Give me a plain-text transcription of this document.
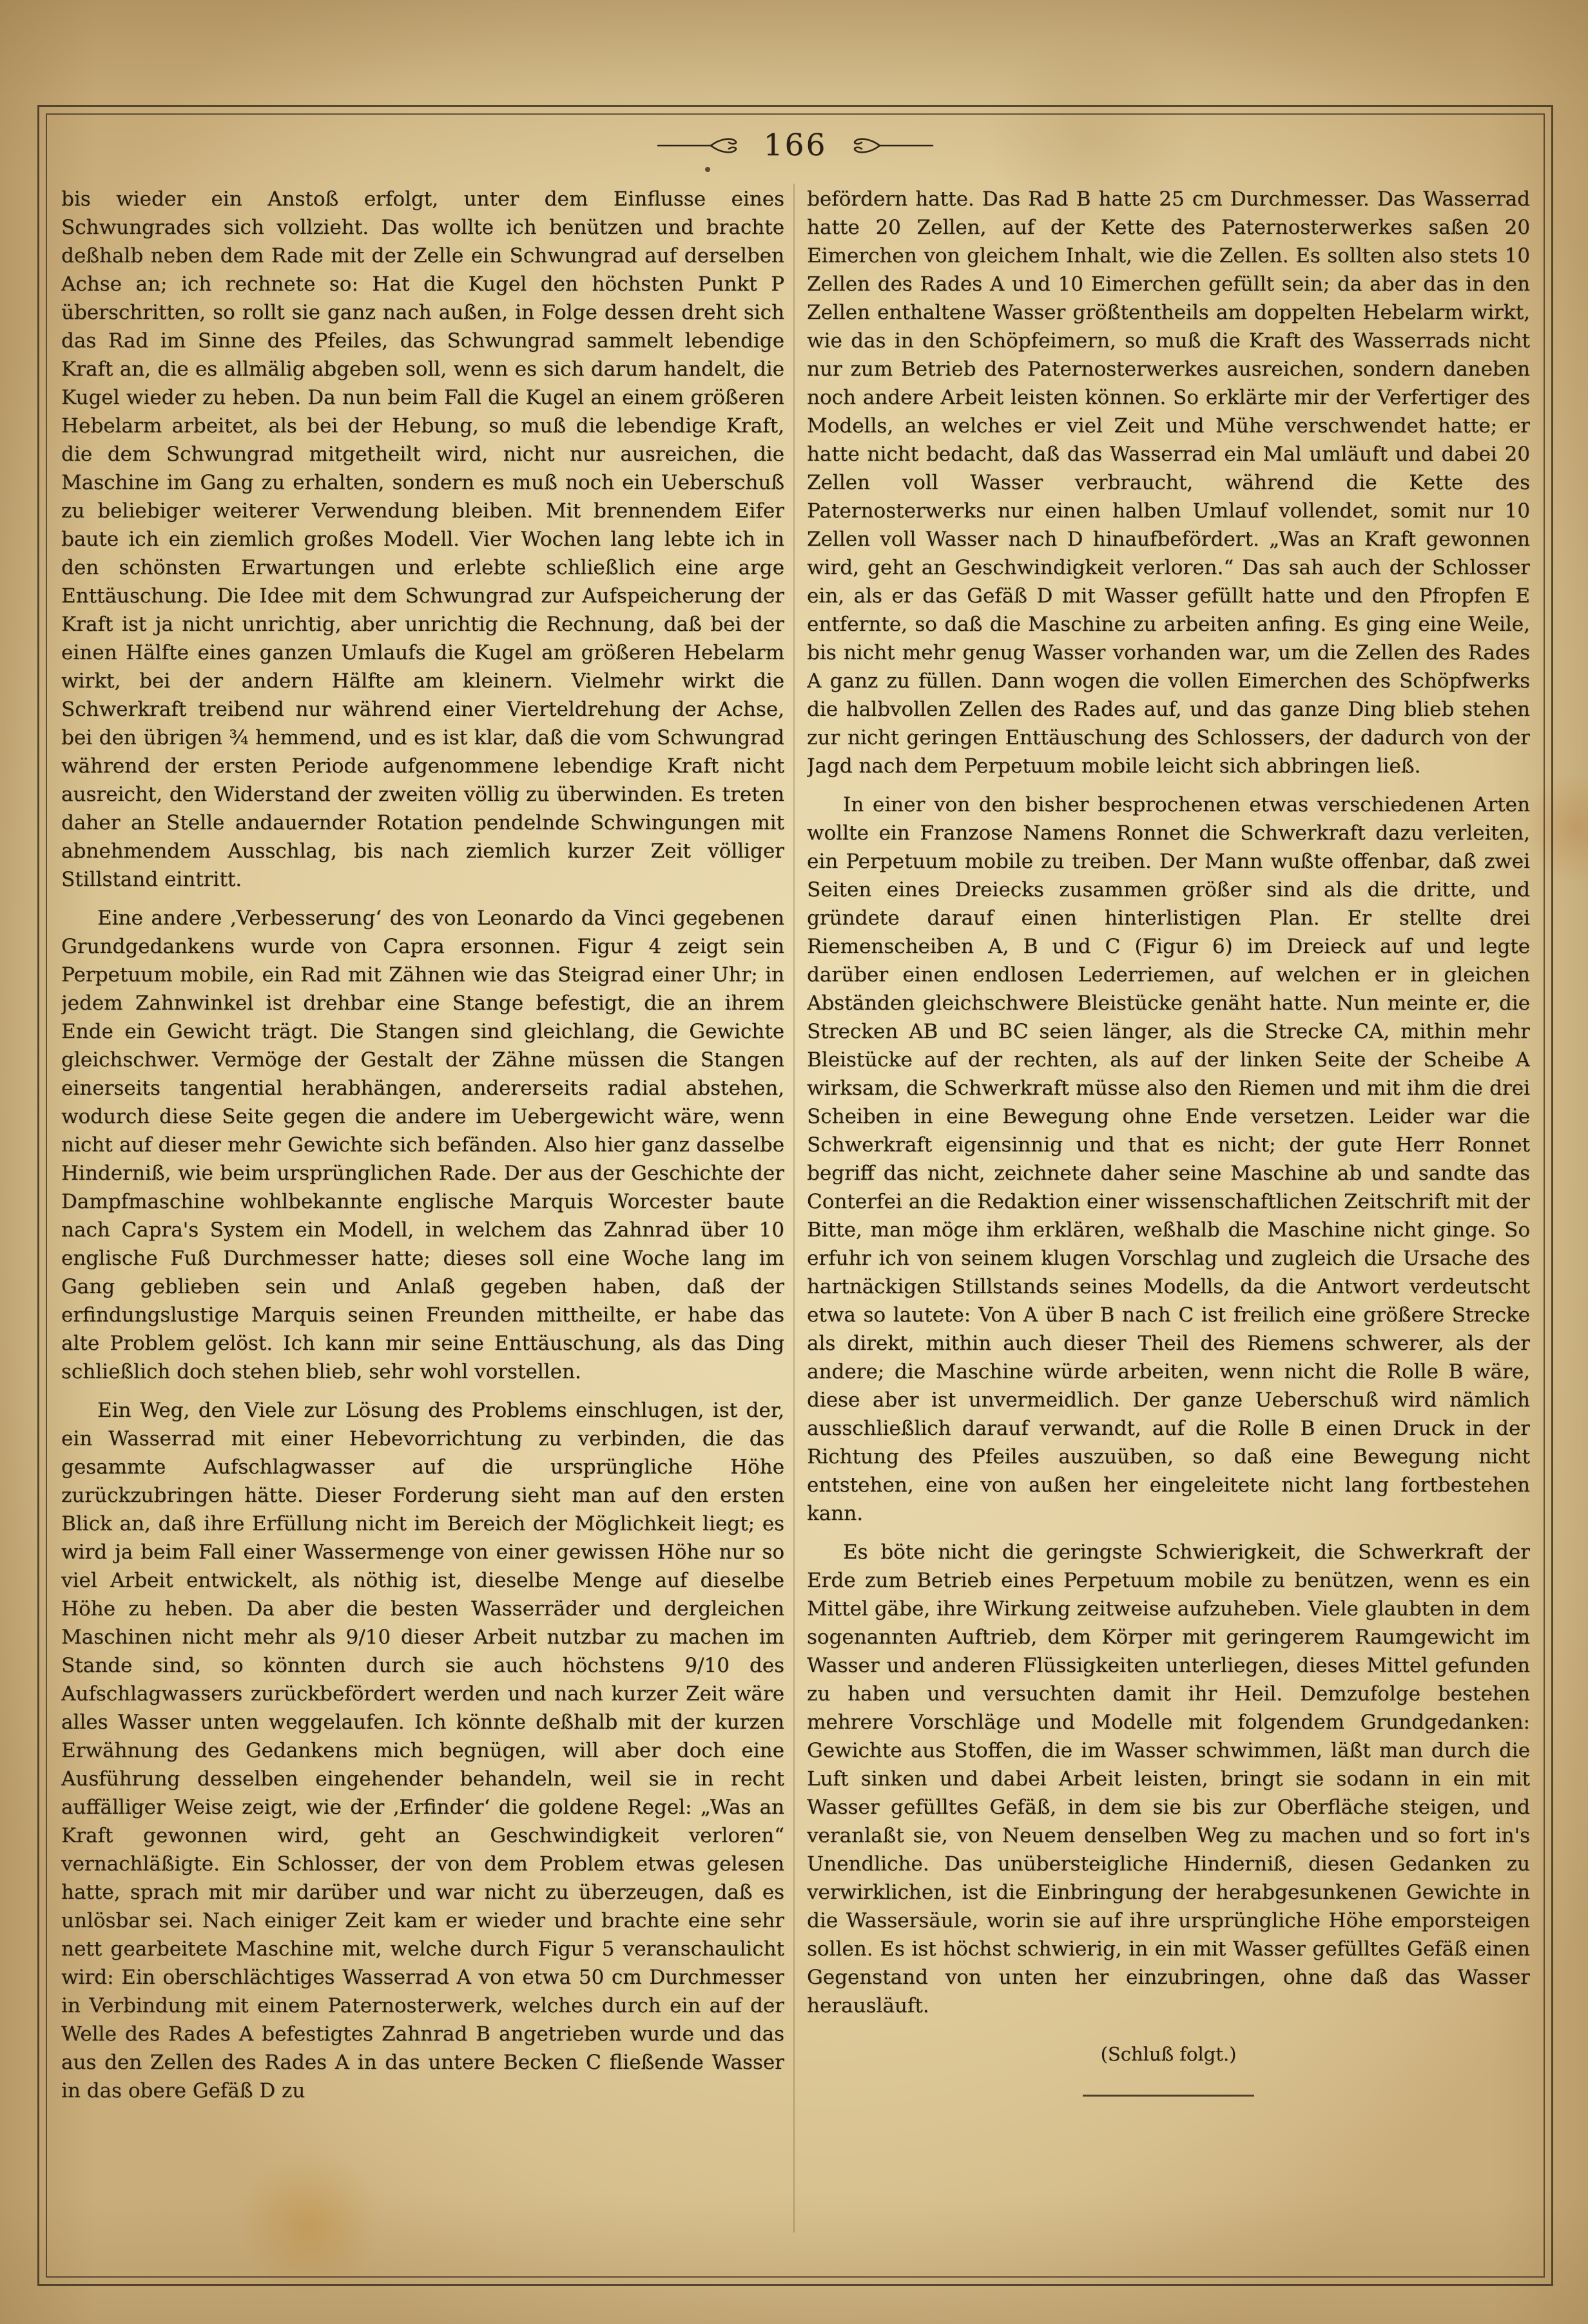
166

bis wieder ein Anstoß erfolgt, unter dem Einflusse eines Schwungrades sich vollzieht. Das wollte ich benützen und brachte deßhalb neben dem Rade mit der Zelle ein Schwungrad auf derselben Achse an; ich rechnete so: Hat die Kugel den höchsten Punkt P überschritten, so rollt sie ganz nach außen, in Folge dessen dreht sich das Rad im Sinne des Pfeiles, das Schwungrad sammelt lebendige Kraft an, die es allmälig abgeben soll, wenn es sich darum handelt, die Kugel wieder zu heben. Da nun beim Fall die Kugel an einem größeren Hebelarm arbeitet, als bei der Hebung, so muß die lebendige Kraft, die dem Schwungrad mitgetheilt wird, nicht nur ausreichen, die Maschine im Gang zu erhalten, sondern es muß noch ein Ueberschuß zu beliebiger weiterer Verwendung bleiben. Mit brennendem Eifer baute ich ein ziemlich großes Modell. Vier Wochen lang lebte ich in den schönsten Erwartungen und erlebte schließlich eine arge Enttäuschung. Die Idee mit dem Schwungrad zur Aufspeicherung der Kraft ist ja nicht unrichtig, aber unrichtig die Rechnung, daß bei der einen Hälfte eines ganzen Umlaufs die Kugel am größeren Hebelarm wirkt, bei der andern Hälfte am kleinern. Vielmehr wirkt die Schwerkraft treibend nur während einer Vierteldrehung der Achse, bei den übrigen ¾ hemmend, und es ist klar, daß die vom Schwungrad während der ersten Periode aufgenommene lebendige Kraft nicht ausreicht, den Widerstand der zweiten völlig zu überwinden. Es treten daher an Stelle andauernder Rotation pendelnde Schwingungen mit abnehmendem Ausschlag, bis nach ziemlich kurzer Zeit völliger Stillstand eintritt.

Eine andere ‚Verbesserung‘ des von Leonardo da Vinci gegebenen Grundgedankens wurde von Capra ersonnen. Figur 4 zeigt sein Perpetuum mobile, ein Rad mit Zähnen wie das Steigrad einer Uhr; in jedem Zahnwinkel ist drehbar eine Stange befestigt, die an ihrem Ende ein Gewicht trägt. Die Stangen sind gleichlang, die Gewichte gleichschwer. Vermöge der Gestalt der Zähne müssen die Stangen einerseits tangential herabhängen, andererseits radial abstehen, wodurch diese Seite gegen die andere im Uebergewicht wäre, wenn nicht auf dieser mehr Gewichte sich befänden. Also hier ganz dasselbe Hinderniß, wie beim ursprünglichen Rade. Der aus der Geschichte der Dampfmaschine wohlbekannte englische Marquis Worcester baute nach Capra's System ein Modell, in welchem das Zahnrad über 10 englische Fuß Durchmesser hatte; dieses soll eine Woche lang im Gang geblieben sein und Anlaß gegeben haben, daß der erfindungslustige Marquis seinen Freunden mittheilte, er habe das alte Problem gelöst. Ich kann mir seine Enttäuschung, als das Ding schließlich doch stehen blieb, sehr wohl vorstellen.

Ein Weg, den Viele zur Lösung des Problems einschlugen, ist der, ein Wasserrad mit einer Hebevorrichtung zu verbinden, die das gesammte Aufschlagwasser auf die ursprüngliche Höhe zurückzubringen hätte. Dieser Forderung sieht man auf den ersten Blick an, daß ihre Erfüllung nicht im Bereich der Möglichkeit liegt; es wird ja beim Fall einer Wassermenge von einer gewissen Höhe nur so viel Arbeit entwickelt, als nöthig ist, dieselbe Menge auf dieselbe Höhe zu heben. Da aber die besten Wasserräder und dergleichen Maschinen nicht mehr als 9/10 dieser Arbeit nutzbar zu machen im Stande sind, so könnten durch sie auch höchstens 9/10 des Aufschlagwassers zurückbefördert werden und nach kurzer Zeit wäre alles Wasser unten weggelaufen. Ich könnte deßhalb mit der kurzen Erwähnung des Gedankens mich begnügen, will aber doch eine Ausführung desselben eingehender behandeln, weil sie in recht auffälliger Weise zeigt, wie der ‚Erfinder‘ die goldene Regel: „Was an Kraft gewonnen wird, geht an Geschwindigkeit verloren“ vernachläßigte. Ein Schlosser, der von dem Problem etwas gelesen hatte, sprach mit mir darüber und war nicht zu überzeugen, daß es unlösbar sei. Nach einiger Zeit kam er wieder und brachte eine sehr nett gearbeitete Maschine mit, welche durch Figur 5 veranschaulicht wird: Ein oberschlächtiges Wasserrad A von etwa 50 cm Durchmesser in Verbindung mit einem Paternosterwerk, welches durch ein auf der Welle des Rades A befestigtes Zahnrad B angetrieben wurde und das aus den Zellen des Rades A in das untere Becken C fließende Wasser in das obere Gefäß D zu

befördern hatte. Das Rad B hatte 25 cm Durchmesser. Das Wasserrad hatte 20 Zellen, auf der Kette des Paternosterwerkes saßen 20 Eimerchen von gleichem Inhalt, wie die Zellen. Es sollten also stets 10 Zellen des Rades A und 10 Eimerchen gefüllt sein; da aber das in den Zellen enthaltene Wasser größtentheils am doppelten Hebelarm wirkt, wie das in den Schöpfeimern, so muß die Kraft des Wasserrads nicht nur zum Betrieb des Paternosterwerkes ausreichen, sondern daneben noch andere Arbeit leisten können. So erklärte mir der Verfertiger des Modells, an welches er viel Zeit und Mühe verschwendet hatte; er hatte nicht bedacht, daß das Wasserrad ein Mal umläuft und dabei 20 Zellen voll Wasser verbraucht, während die Kette des Paternosterwerks nur einen halben Umlauf vollendet, somit nur 10 Zellen voll Wasser nach D hinaufbefördert. „Was an Kraft gewonnen wird, geht an Geschwindigkeit verloren.“ Das sah auch der Schlosser ein, als er das Gefäß D mit Wasser gefüllt hatte und den Pfropfen E entfernte, so daß die Maschine zu arbeiten anfing. Es ging eine Weile, bis nicht mehr genug Wasser vorhanden war, um die Zellen des Rades A ganz zu füllen. Dann wogen die vollen Eimerchen des Schöpfwerks die halbvollen Zellen des Rades auf, und das ganze Ding blieb stehen zur nicht geringen Enttäuschung des Schlossers, der dadurch von der Jagd nach dem Perpetuum mobile leicht sich abbringen ließ.

In einer von den bisher besprochenen etwas verschiedenen Arten wollte ein Franzose Namens Ronnet die Schwerkraft dazu verleiten, ein Perpetuum mobile zu treiben. Der Mann wußte offenbar, daß zwei Seiten eines Dreiecks zusammen größer sind als die dritte, und gründete darauf einen hinterlistigen Plan. Er stellte drei Riemenscheiben A, B und C (Figur 6) im Dreieck auf und legte darüber einen endlosen Lederriemen, auf welchen er in gleichen Abständen gleichschwere Bleistücke genäht hatte. Nun meinte er, die Strecken AB und BC seien länger, als die Strecke CA, mithin mehr Bleistücke auf der rechten, als auf der linken Seite der Scheibe A wirksam, die Schwerkraft müsse also den Riemen und mit ihm die drei Scheiben in eine Bewegung ohne Ende versetzen. Leider war die Schwerkraft eigensinnig und that es nicht; der gute Herr Ronnet begriff das nicht, zeichnete daher seine Maschine ab und sandte das Conterfei an die Redaktion einer wissenschaftlichen Zeitschrift mit der Bitte, man möge ihm erklären, weßhalb die Maschine nicht ginge. So erfuhr ich von seinem klugen Vorschlag und zugleich die Ursache des hartnäckigen Stillstands seines Modells, da die Antwort verdeutscht etwa so lautete: Von A über B nach C ist freilich eine größere Strecke als direkt, mithin auch dieser Theil des Riemens schwerer, als der andere; die Maschine würde arbeiten, wenn nicht die Rolle B wäre, diese aber ist unvermeidlich. Der ganze Ueberschuß wird nämlich ausschließlich darauf verwandt, auf die Rolle B einen Druck in der Richtung des Pfeiles auszuüben, so daß eine Bewegung nicht entstehen, eine von außen her eingeleitete nicht lang fortbestehen kann.

Es böte nicht die geringste Schwierigkeit, die Schwerkraft der Erde zum Betrieb eines Perpetuum mobile zu benützen, wenn es ein Mittel gäbe, ihre Wirkung zeitweise aufzuheben. Viele glaubten in dem sogenannten Auftrieb, dem Körper mit geringerem Raumgewicht im Wasser und anderen Flüssigkeiten unterliegen, dieses Mittel gefunden zu haben und versuchten damit ihr Heil. Demzufolge bestehen mehrere Vorschläge und Modelle mit folgendem Grundgedanken: Gewichte aus Stoffen, die im Wasser schwimmen, läßt man durch die Luft sinken und dabei Arbeit leisten, bringt sie sodann in ein mit Wasser gefülltes Gefäß, in dem sie bis zur Oberfläche steigen, und veranlaßt sie, von Neuem denselben Weg zu machen und so fort in's Unendliche. Das unübersteigliche Hinderniß, diesen Gedanken zu verwirklichen, ist die Einbringung der herabgesunkenen Gewichte in die Wassersäule, worin sie auf ihre ursprüngliche Höhe emporsteigen sollen. Es ist höchst schwierig, in ein mit Wasser gefülltes Gefäß einen Gegenstand von unten her einzubringen, ohne daß das Wasser herausläuft.

(Schluß folgt.)
